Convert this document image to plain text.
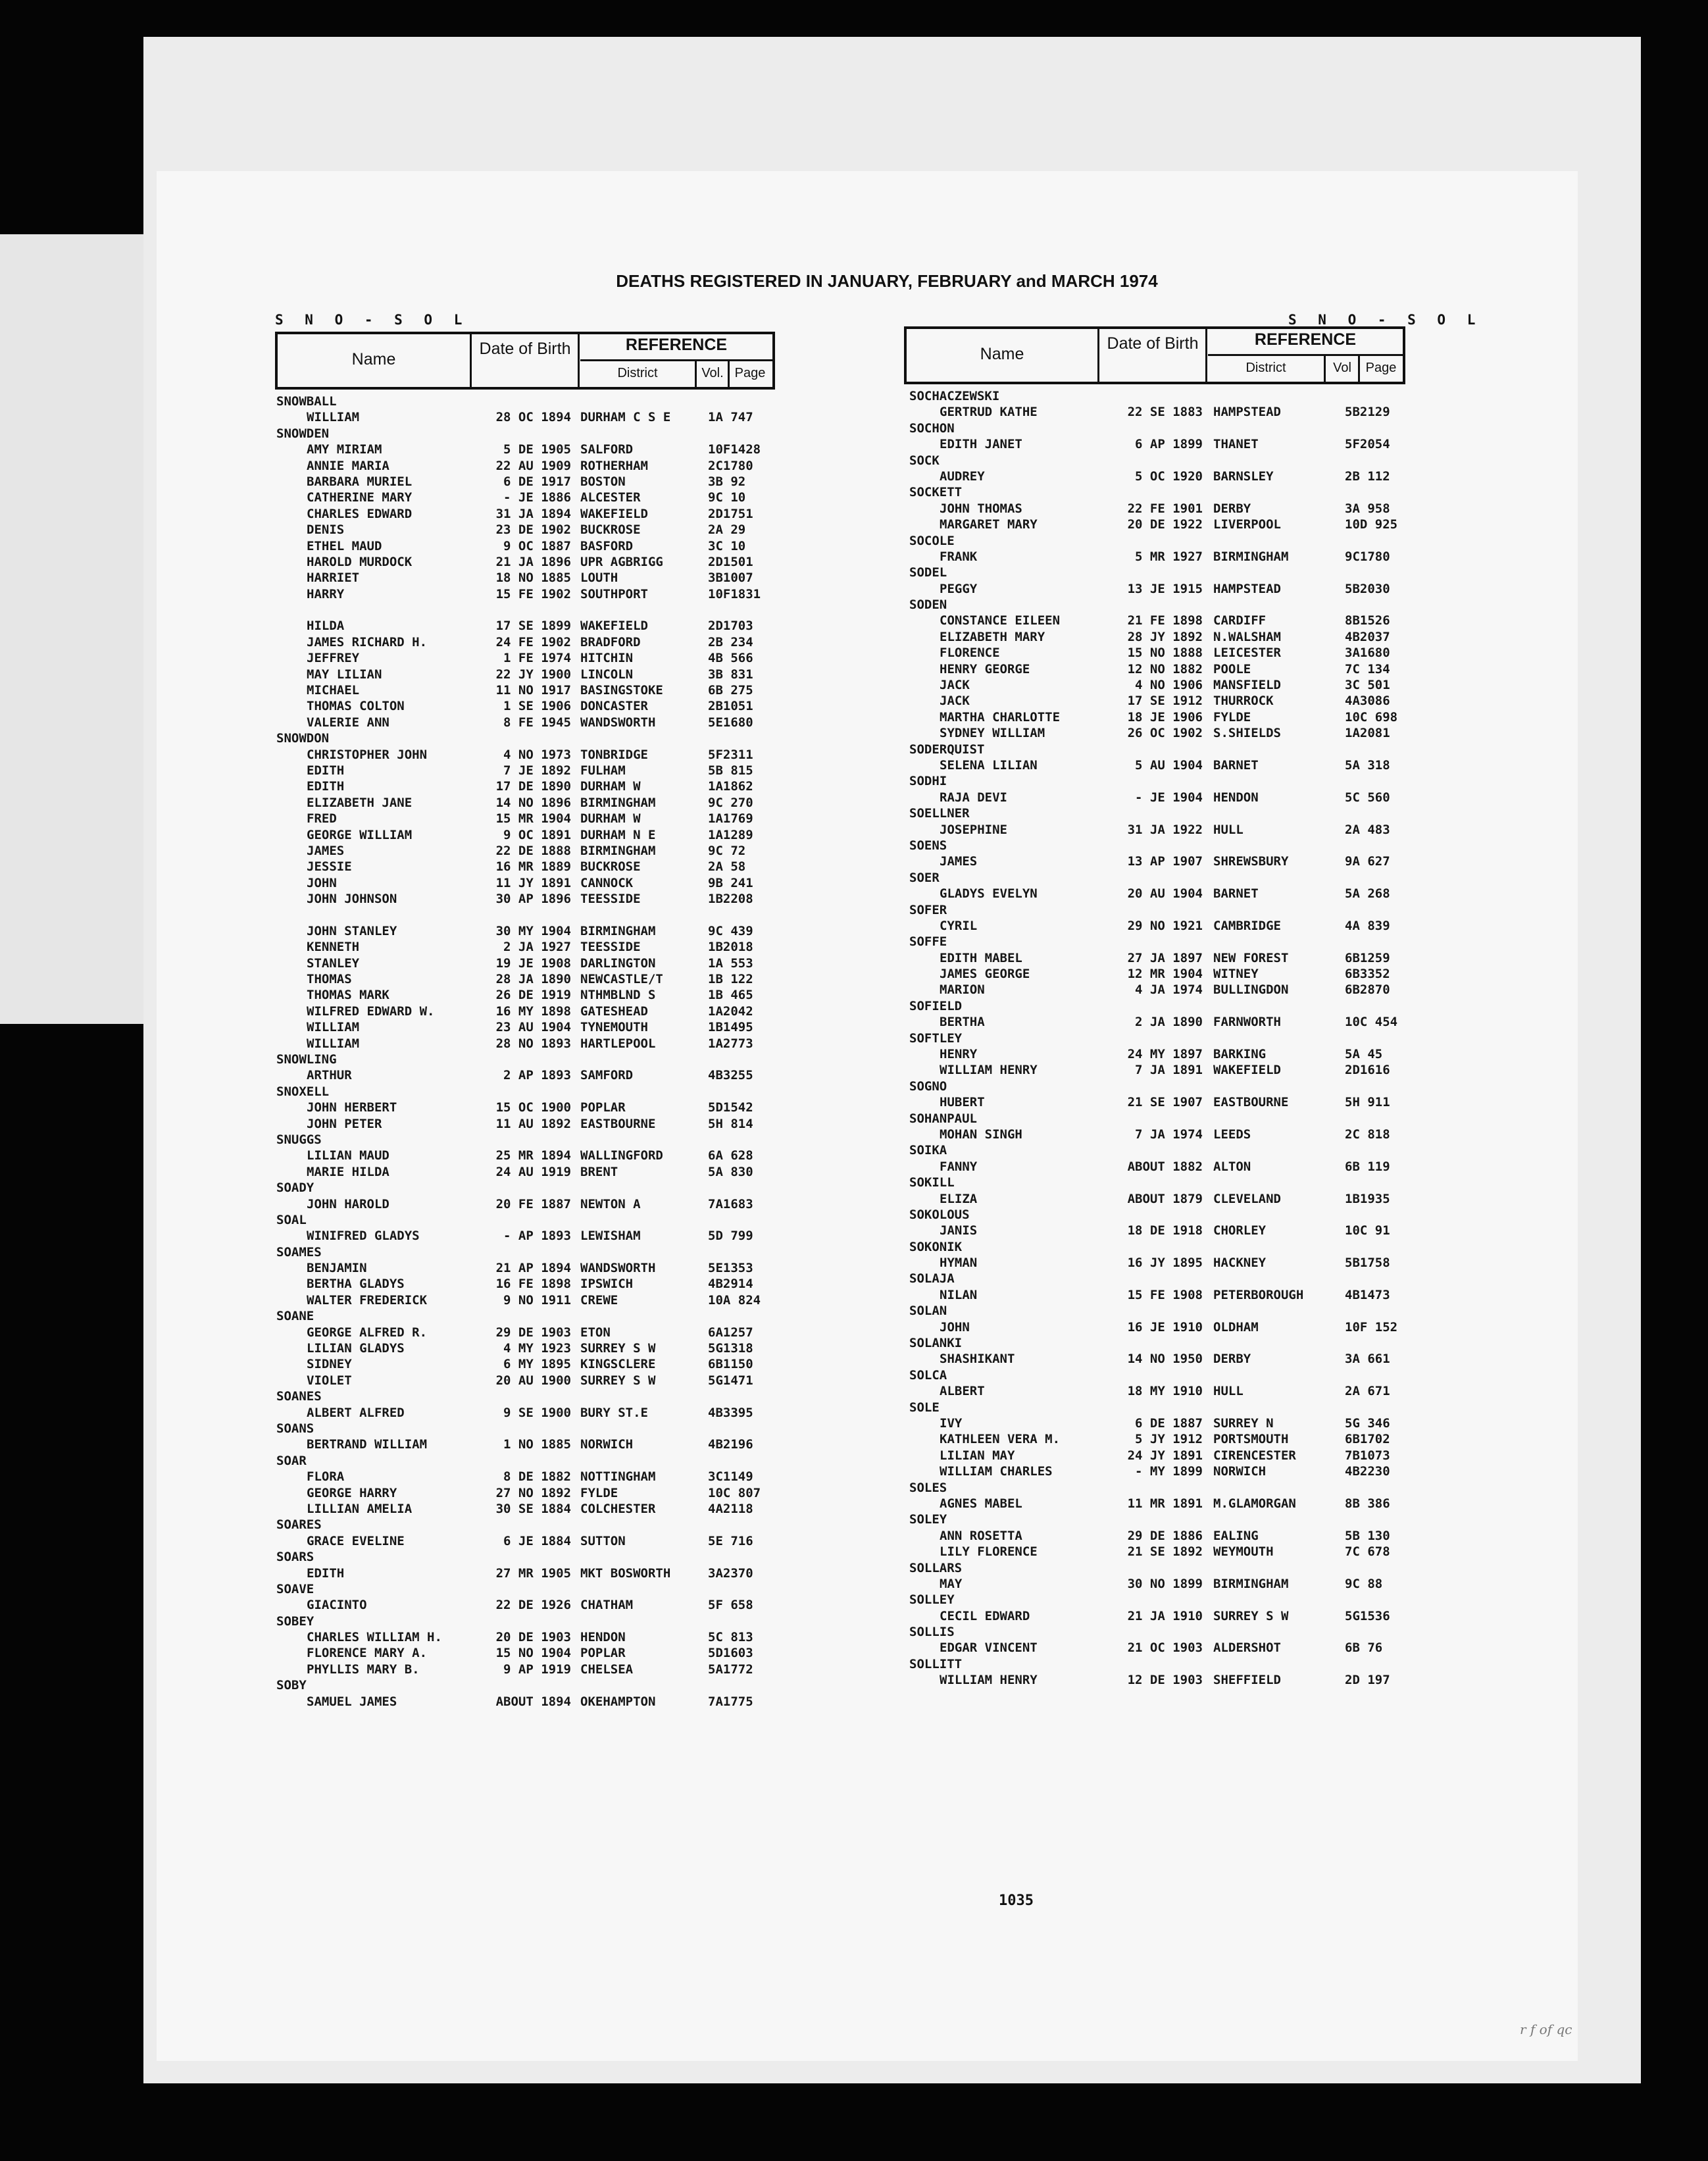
DEATHS REGISTERED IN JANUARY, FEBRUARY and MARCH 1974
S N O - S O L	S N O - S O L
Name
Date of Birth	REFERENCE
District	Vol. Page
Name
Date of Birth	REFERENCE
District	Vol	Page
SNOWBALL
WILLIAM	28 OC 1894 DURHAM C S E	1A 747
SNOWDEN
AMY MIRIAM	5 DE 1905 SALFORD	10F1428
ANNIE MARIA	22 AU 1909 ROTHERHAM	2C1780
BARBARA MURIEL	6 DE 1917 BOSTON	3B 92
CATHERINE MARY	- JE 1886 ALCESTER	9C 10
CHARLES EDWARD	31 JA 1894 WAKEFIELD	2D1751
DENIS	23 DE 1902 BUCKROSE	2A 29
ETHEL MAUD	9 OC 1887 BASFORD	3C 10
HAROLD MURDOCK	21 JA 1896 UPR AGBRIGG	2D1501
HARRIET	18 NO 1885 LOUTH	3B1007
HARRY	15 FE 1902 SOUTHPORT	10F1831
HILDA	17 SE 1899 WAKEFIELD	2D1703
JAMES RICHARD H.	24 FE 1902 BRADFORD	2B 234
JEFFREY	1 FE 1974 HITCHIN	4B 566
MAY LILIAN	22 JY 1900 LINCOLN	3B 831
MICHAEL	11 NO 1917 BASINGSTOKE	6B 275
THOMAS COLTON	1 SE 1906 DONCASTER	2B1051
VALERIE ANN	8 FE 1945 WANDSWORTH	5E1680
SNOWDON
CHRISTOPHER JOHN	4 NO 1973 TONBRIDGE	5F2311
EDITH	7 JE 1892 FULHAM	5B 815
EDITH	17 DE 1890 DURHAM W	1A1862
ELIZABETH JANE	14 NO 1896 BIRMINGHAM	9C 270
FRED	15 MR 1904 DURHAM W	1A1769
GEORGE WILLIAM	9 OC 1891 DURHAM N E	1A1289
JAMES	22 DE 1888 BIRMINGHAM	9C 72
JESSIE	16 MR 1889 BUCKROSE	2A 58
JOHN	11 JY 1891 CANNOCK	9B 241
JOHN JOHNSON	30 AP 1896 TEESSIDE	1B2208
JOHN STANLEY	30 MY 1904 BIRMINGHAM	9C 439
KENNETH	2 JA 1927 TEESSIDE	1B2018
STANLEY	19 JE 1908 DARLINGTON	1A 553
THOMAS	28 JA 1890 NEWCASTLE/T	1B 122
THOMAS MARK	26 DE 1919 NTHMBLND S	1B 465
WILFRED EDWARD W.	16 MY 1898 GATESHEAD	1A2042
WILLIAM	23 AU 1904 TYNEMOUTH	1B1495
WILLIAM	28 NO 1893 HARTLEPOOL	1A2773
SNOWLING
ARTHUR	2 AP 1893 SAMFORD	4B3255
SNOXELL
JOHN HERBERT	15 OC 1900 POPLAR	5D1542
JOHN PETER	11 AU 1892 EASTBOURNE	5H 814
SNUGGS
LILIAN MAUD	25 MR 1894 WALLINGFORD	6A 628
MARIE HILDA	24 AU 1919 BRENT	5A 830
SOADY
JOHN HAROLD	20 FE 1887 NEWTON A	7A1683
SOAL
WINIFRED GLADYS	- AP 1893 LEWISHAM	5D 799
SOAMES
BENJAMIN	21 AP 1894 WANDSWORTH	5E1353
BERTHA GLADYS	16 FE 1898 IPSWICH	4B2914
WALTER FREDERICK	9 NO 1911 CREWE	10A 824
SOANE
GEORGE ALFRED R.	29 DE 1903 ETON	6A1257
LILIAN GLADYS	4 MY 1923 SURREY S W	5G1318
SIDNEY	6 MY 1895 KINGSCLERE	6B1150
VIOLET	20 AU 1900 SURREY S W	5G1471
SOANES
ALBERT ALFRED	9 SE 1900 BURY ST.E	4B3395
SOANS
BERTRAND WILLIAM	1 NO 1885 NORWICH	4B2196
SOAR
FLORA	8 DE 1882 NOTTINGHAM	3C1149
GEORGE HARRY	27 NO 1892 FYLDE	10C 807
LILLIAN AMELIA	30 SE 1884 COLCHESTER	4A2118
SOARES
GRACE EVELINE	6 JE 1884 SUTTON	5E 716
SOARS
EDITH	27 MR 1905 MKT BOSWORTH	3A2370
SOAVE
GIACINTO	22 DE 1926 CHATHAM	5F 658
SOBEY
CHARLES WILLIAM H.	20 DE 1903 HENDON	5C 813
FLORENCE MARY A.	15 NO 1904 POPLAR	5D1603
PHYLLIS MARY B.	9 AP 1919 CHELSEA	5A1772
SOBY
SAMUEL JAMES	ABOUT 1894 OKEHAMPTON	7A1775
SOCHACZEWSKI
GERTRUD KATHE	22 SE 1883 HAMPSTEAD	5B2129
SOCHON
EDITH JANET	6 AP 1899 THANET	5F2054
SOCK
AUDREY	5 OC 1920 BARNSLEY	2B 112
SOCKETT
JOHN THOMAS	22 FE 1901 DERBY	3A 958
MARGARET MARY	20 DE 1922 LIVERPOOL	10D 925
SOCOLE
FRANK	5 MR 1927 BIRMINGHAM	9C1780
SODEL
PEGGY	13 JE 1915 HAMPSTEAD	5B2030
SODEN
CONSTANCE EILEEN	21 FE 1898 CARDIFF	8B1526
ELIZABETH MARY	28 JY 1892 N.WALSHAM	4B2037
FLORENCE	15 NO 1888 LEICESTER	3A1680
HENRY GEORGE	12 NO 1882 POOLE	7C 134
JACK	4 NO 1906 MANSFIELD	3C 501
JACK	17 SE 1912 THURROCK	4A3086
MARTHA CHARLOTTE	18 JE 1906 FYLDE	10C 698
SYDNEY WILLIAM	26 OC 1902 S.SHIELDS	1A2081
SODERQUIST
SELENA LILIAN	5 AU 1904 BARNET	5A 318
SODHI
RAJA DEVI	- JE 1904 HENDON	5C 560
SOELLNER
JOSEPHINE	31 JA 1922 HULL	2A 483
SOENS
JAMES	13 AP 1907 SHREWSBURY	9A 627
SOER
GLADYS EVELYN	20 AU 1904 BARNET	5A 268
SOFER
CYRIL	29 NO 1921 CAMBRIDGE	4A 839
SOFFE
EDITH MABEL	27 JA 1897 NEW FOREST	6B1259
JAMES GEORGE	12 MR 1904 WITNEY	6B3352
MARION	4 JA 1974 BULLINGDON	6B2870
SOFIELD
BERTHA	2 JA 1890 FARNWORTH	10C 454
SOFTLEY
HENRY	24 MY 1897 BARKING	5A 45
WILLIAM HENRY	7 JA 1891 WAKEFIELD	2D1616
SOGNO
HUBERT	21 SE 1907 EASTBOURNE	5H 911
SOHANPAUL
MOHAN SINGH	7 JA 1974 LEEDS	2C 818
SOIKA
FANNY	ABOUT 1882 ALTON	6B 119
SOKILL
ELIZA	ABOUT 1879 CLEVELAND	1B1935
SOKOLOUS
JANIS	18 DE 1918 CHORLEY	10C 91
SOKONIK
HYMAN	16 JY 1895 HACKNEY	5B1758
SOLAJA
NILAN	15 FE 1908 PETERBOROUGH	4B1473
SOLAN
JOHN	16 JE 1910 OLDHAM	10F 152
SOLANKI
SHASHIKANT	14 NO 1950 DERBY	3A 661
SOLCA
ALBERT	18 MY 1910 HULL	2A 671
SOLE
IVY	6 DE 1887 SURREY N	5G 346
KATHLEEN VERA M.	5 JY 1912 PORTSMOUTH	6B1702
LILIAN MAY	24 JY 1891 CIRENCESTER	7B1073
WILLIAM CHARLES	- MY 1899 NORWICH	4B2230
SOLES
AGNES MABEL	11 MR 1891 M.GLAMORGAN	8B 386
SOLEY
ANN ROSETTA	29 DE 1886 EALING	5B 130
LILY FLORENCE	21 SE 1892 WEYMOUTH	7C 678
SOLLARS
MAY	30 NO 1899 BIRMINGHAM	9C 88
SOLLEY
CECIL EDWARD	21 JA 1910 SURREY S W	5G1536
SOLLIS
EDGAR VINCENT	21 OC 1903 ALDERSHOT	6B 76
SOLLITT
WILLIAM HENRY	12 DE 1903 SHEFFIELD	2D 197
1035
r f of qc
